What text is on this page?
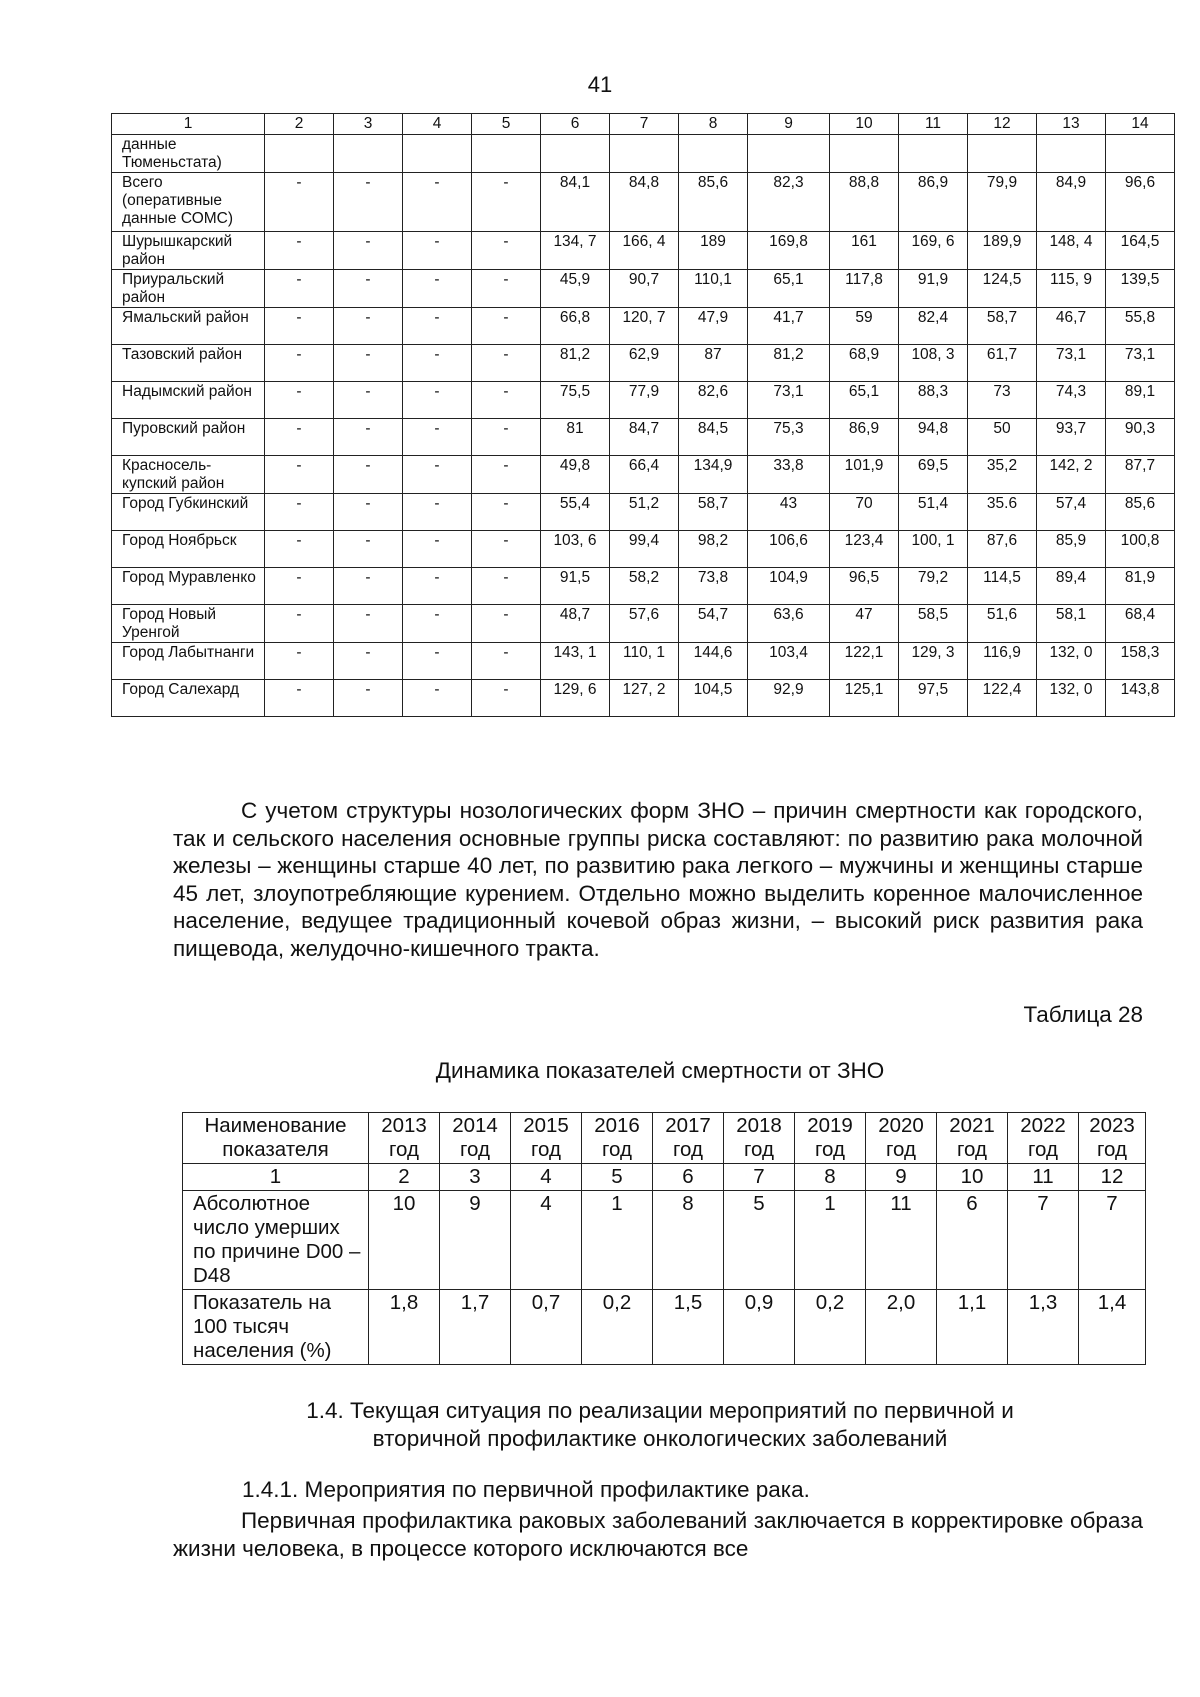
41
1	2	3	4	5	6	7	8	9	10	11	12	13	14
данные Тюменьстата)													
Всего (оперативные данные СОМС)	-	-	-	-	84,1	84,8	85,6	82,3	88,8	86,9	79,9	84,9	96,6
Шурышкарский район	-	-	-	-	134, 7	166, 4	189	169,8	161	169, 6	189,9	148, 4	164,5
Приуральский район	-	-	-	-	45,9	90,7	110,1	65,1	117,8	91,9	124,5	115, 9	139,5
Ямальский район	-	-	-	-	66,8	120, 7	47,9	41,7	59	82,4	58,7	46,7	55,8
Тазовский район	-	-	-	-	81,2	62,9	87	81,2	68,9	108, 3	61,7	73,1	73,1
Надымский район	-	-	-	-	75,5	77,9	82,6	73,1	65,1	88,3	73	74,3	89,1
Пуровский район	-	-	-	-	81	84,7	84,5	75,3	86,9	94,8	50	93,7	90,3
Красносель- купский район	-	-	-	-	49,8	66,4	134,9	33,8	101,9	69,5	35,2	142, 2	87,7
Город Губкинский	-	-	-	-	55,4	51,2	58,7	43	70	51,4	35.6	57,4	85,6
Город Ноябрьск	-	-	-	-	103, 6	99,4	98,2	106,6	123,4	100, 1	87,6	85,9	100,8
Город Муравленко	-	-	-	-	91,5	58,2	73,8	104,9	96,5	79,2	114,5	89,4	81,9
Город Новый Уренгой	-	-	-	-	48,7	57,6	54,7	63,6	47	58,5	51,6	58,1	68,4
Город Лабытнанги	-	-	-	-	143, 1	110, 1	144,6	103,4	122,1	129, 3	116,9	132, 0	158,3
Город Салехард	-	-	-	-	129, 6	127, 2	104,5	92,9	125,1	97,5	122,4	132, 0	143,8
С учетом структуры нозологических форм ЗНО – причин смертности как городского, так и сельского населения основные группы риска составляют: по развитию рака молочной железы – женщины старше 40 лет, по развитию рака легкого – мужчины и женщины старше 45 лет, злоупотребляющие курением. Отдельно можно выделить коренное малочисленное население, ведущее традиционный кочевой образ жизни, – высокий риск развития рака пищевода, желудочно-кишечного тракта.
Таблица 28
Динамика показателей смертности от ЗНО
Наименование показателя	2013 год	2014 год	2015 год	2016 год	2017 год	2018 год	2019 год	2020 год	2021 год	2022 год	2023 год
1	2	3	4	5	6	7	8	9	10	11	12
Абсолютное число умерших по причине D00 – D48	10	9	4	1	8	5	1	11	6	7	7
Показатель на 100 тысяч населения (%)	1,8	1,7	0,7	0,2	1,5	0,9	0,2	2,0	1,1	1,3	1,4
1.4. Текущая ситуация по реализации мероприятий по первичной и вторичной профилактике онкологических заболеваний
1.4.1. Мероприятия по первичной профилактике рака.
Первичная профилактика раковых заболеваний заключается в корректировке образа жизни человека, в процессе которого исключаются все
